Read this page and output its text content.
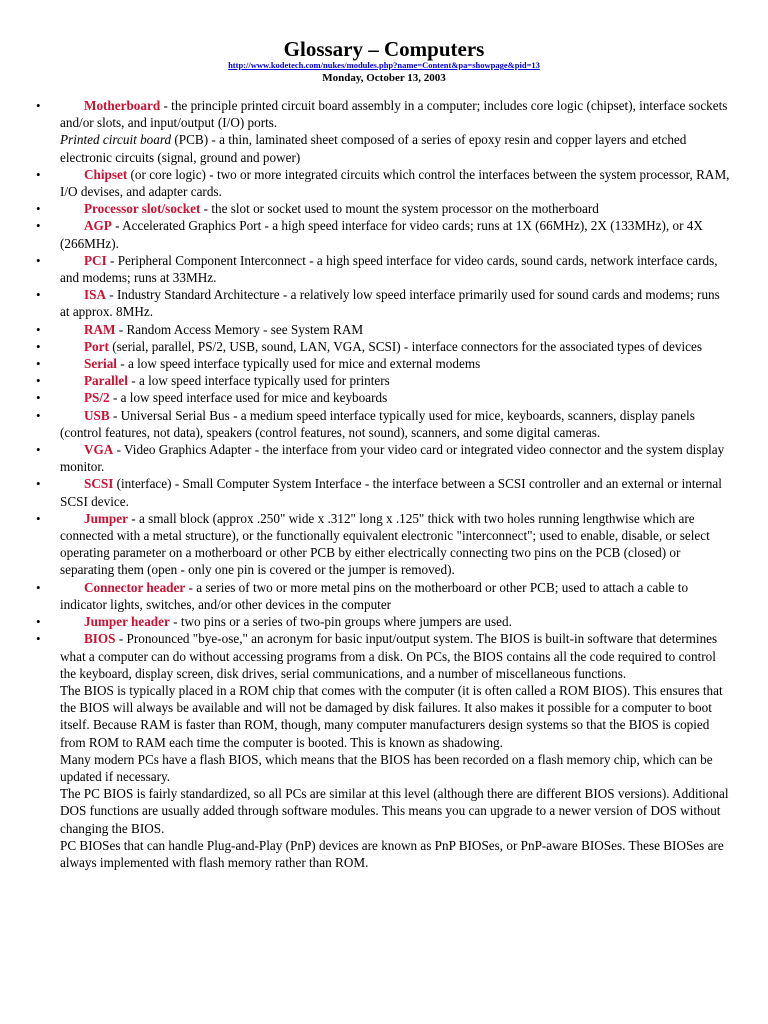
Glossary – Computers
http://www.kodetech.com/nukes/modules.php?name=Content&pa=showpage&pid=13
Monday, October 13, 2003
•	Motherboard - the principle printed circuit board assembly in a computer; includes core logic (chipset), interface sockets and/or slots, and input/output (I/O) ports.
Printed circuit board (PCB) - a thin, laminated sheet composed of a series of epoxy resin and copper layers and etched electronic circuits (signal, ground and power)
•	Chipset (or core logic) - two or more integrated circuits which control the interfaces between the system processor, RAM, I/O devises, and adapter cards.
•	Processor slot/socket - the slot or socket used to mount the system processor on the motherboard
•	AGP - Accelerated Graphics Port - a high speed interface for video cards; runs at 1X (66MHz), 2X (133MHz), or 4X (266MHz).
•	PCI - Peripheral Component Interconnect - a high speed interface for video cards, sound cards, network interface cards, and modems; runs at 33MHz.
•	ISA - Industry Standard Architecture - a relatively low speed interface primarily used for sound cards and modems; runs at approx. 8MHz.
•	RAM - Random Access Memory - see System RAM
•	Port (serial, parallel, PS/2, USB, sound, LAN, VGA, SCSI) - interface connectors for the associated types of devices
•	Serial - a low speed interface typically used for mice and external modems
•	Parallel - a low speed interface typically used for printers
•	PS/2 - a low speed interface used for mice and keyboards
•	USB - Universal Serial Bus - a medium speed interface typically used for mice, keyboards, scanners, display panels (control features, not data), speakers (control features, not sound), scanners, and some digital cameras.
•	VGA - Video Graphics Adapter - the interface from your video card or integrated video connector and the system display monitor.
•	SCSI (interface) - Small Computer System Interface - the interface between a SCSI controller and an external or internal SCSI device.
•	Jumper - a small block (approx .250" wide x .312" long x .125" thick with two holes running lengthwise which are connected with a metal structure), or the functionally equivalent electronic "interconnect"; used to enable, disable, or select operating parameter on a motherboard or other PCB by either electrically connecting two pins on the PCB (closed) or separating them (open - only one pin is covered or the jumper is removed).
•	Connector header - a series of two or more metal pins on the motherboard or other PCB; used to attach a cable to indicator lights, switches, and/or other devices in the computer
•	Jumper header - two pins or a series of two-pin groups where jumpers are used.
•	BIOS - Pronounced "bye-ose," an acronym for basic input/output system. The BIOS is built-in software that determines what a computer can do without accessing programs from a disk. On PCs, the BIOS contains all the code required to control the keyboard, display screen, disk drives, serial communications, and a number of miscellaneous functions.
The BIOS is typically placed in a ROM chip that comes with the computer (it is often called a ROM BIOS). This ensures that the BIOS will always be available and will not be damaged by disk failures. It also makes it possible for a computer to boot itself. Because RAM is faster than ROM, though, many computer manufacturers design systems so that the BIOS is copied from ROM to RAM each time the computer is booted. This is known as shadowing.
Many modern PCs have a flash BIOS, which means that the BIOS has been recorded on a flash memory chip, which can be updated if necessary.
The PC BIOS is fairly standardized, so all PCs are similar at this level (although there are different BIOS versions). Additional DOS functions are usually added through software modules. This means you can upgrade to a newer version of DOS without changing the BIOS.
PC BIOSes that can handle Plug-and-Play (PnP) devices are known as PnP BIOSes, or PnP-aware BIOSes. These BIOSes are always implemented with flash memory rather than ROM.
